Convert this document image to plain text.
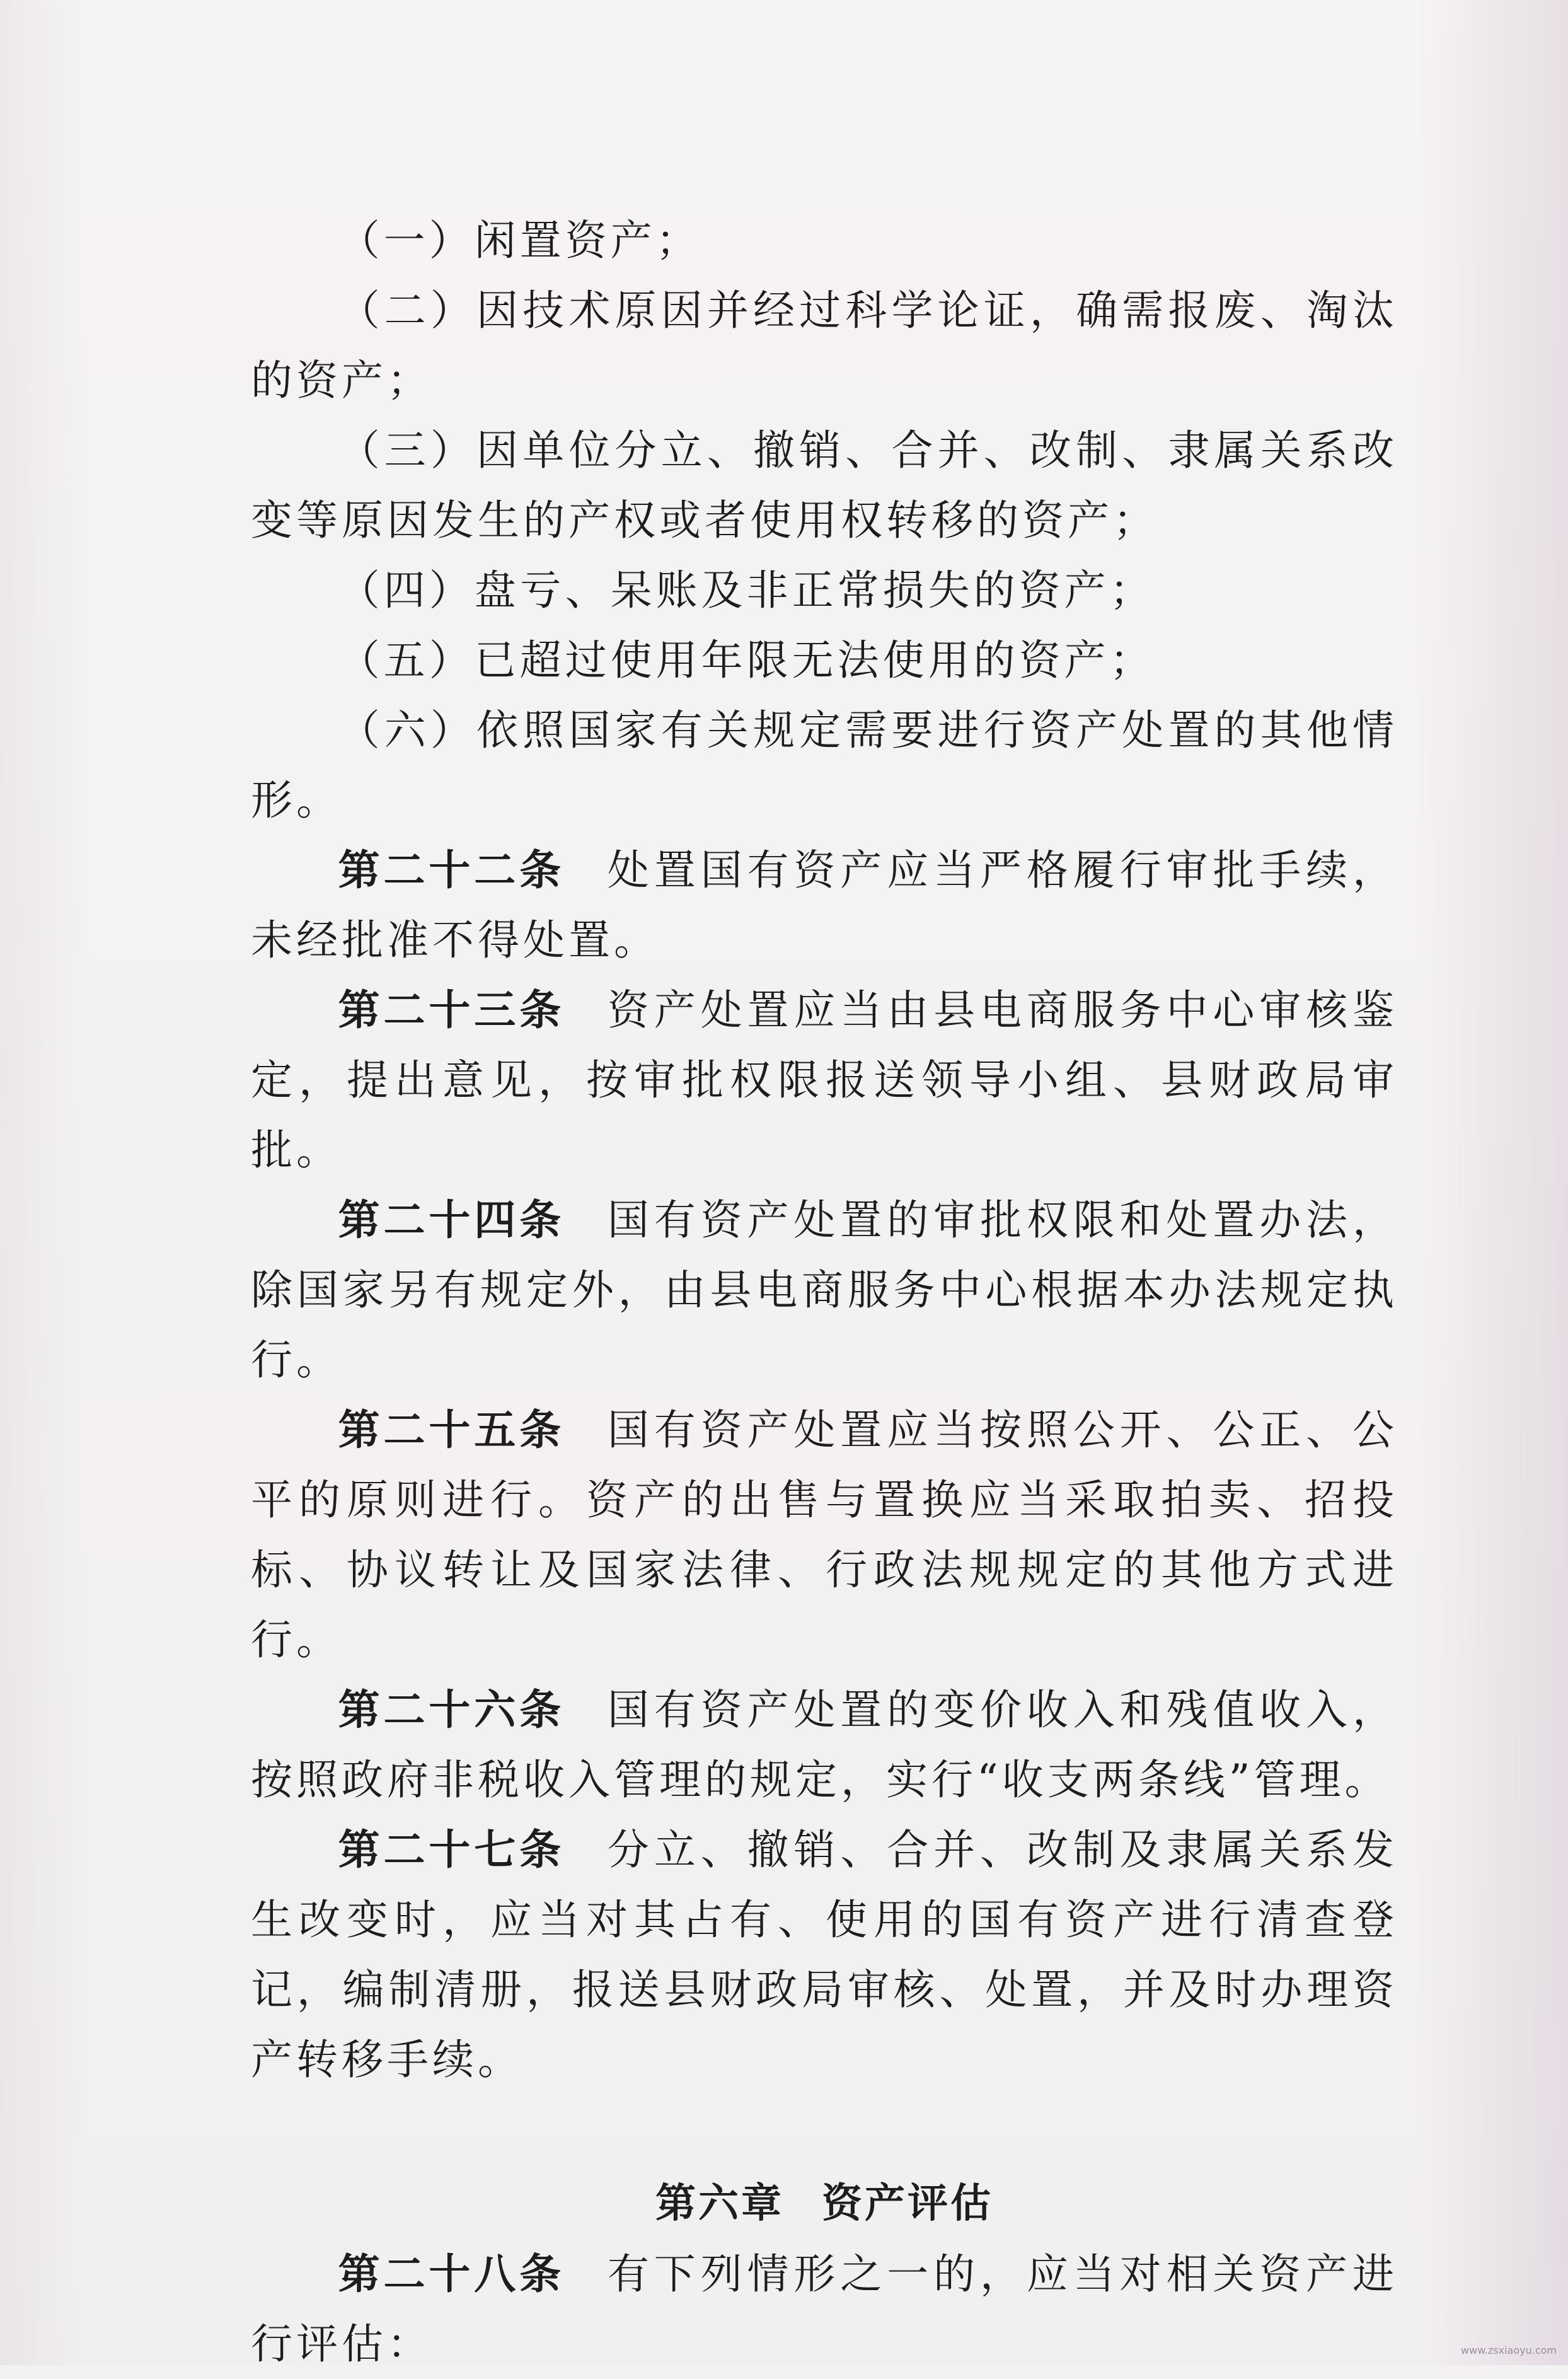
（一）闲置资产；

（二）因技术原因并经过科学论证，确需报废、淘汰的资产；

（三）因单位分立、撤销、合并、改制、隶属关系改变等原因发生的产权或者使用权转移的资产；

（四）盘亏、呆账及非正常损失的资产；

（五）已超过使用年限无法使用的资产；

（六）依照国家有关规定需要进行资产处置的其他情形。

第二十二条 处置国有资产应当严格履行审批手续，未经批准不得处置。

第二十三条 资产处置应当由县电商服务中心审核鉴定，提出意见，按审批权限报送领导小组、县财政局审批。

第二十四条 国有资产处置的审批权限和处置办法，除国家另有规定外，由县电商服务中心根据本办法规定执行。

第二十五条 国有资产处置应当按照公开、公正、公平的原则进行。资产的出售与置换应当采取拍卖、招投标、协议转让及国家法律、行政法规规定的其他方式进行。

第二十六条 国有资产处置的变价收入和残值收入，按照政府非税收入管理的规定，实行“收支两条线”管理。

第二十七条 分立、撤销、合并、改制及隶属关系发生改变时，应当对其占有、使用的国有资产进行清查登记，编制清册，报送县财政局审核、处置，并及时办理资产转移手续。

第六章 资产评估

第二十八条 有下列情形之一的，应当对相关资产进行评估：	www.zsxiaoyu.com
